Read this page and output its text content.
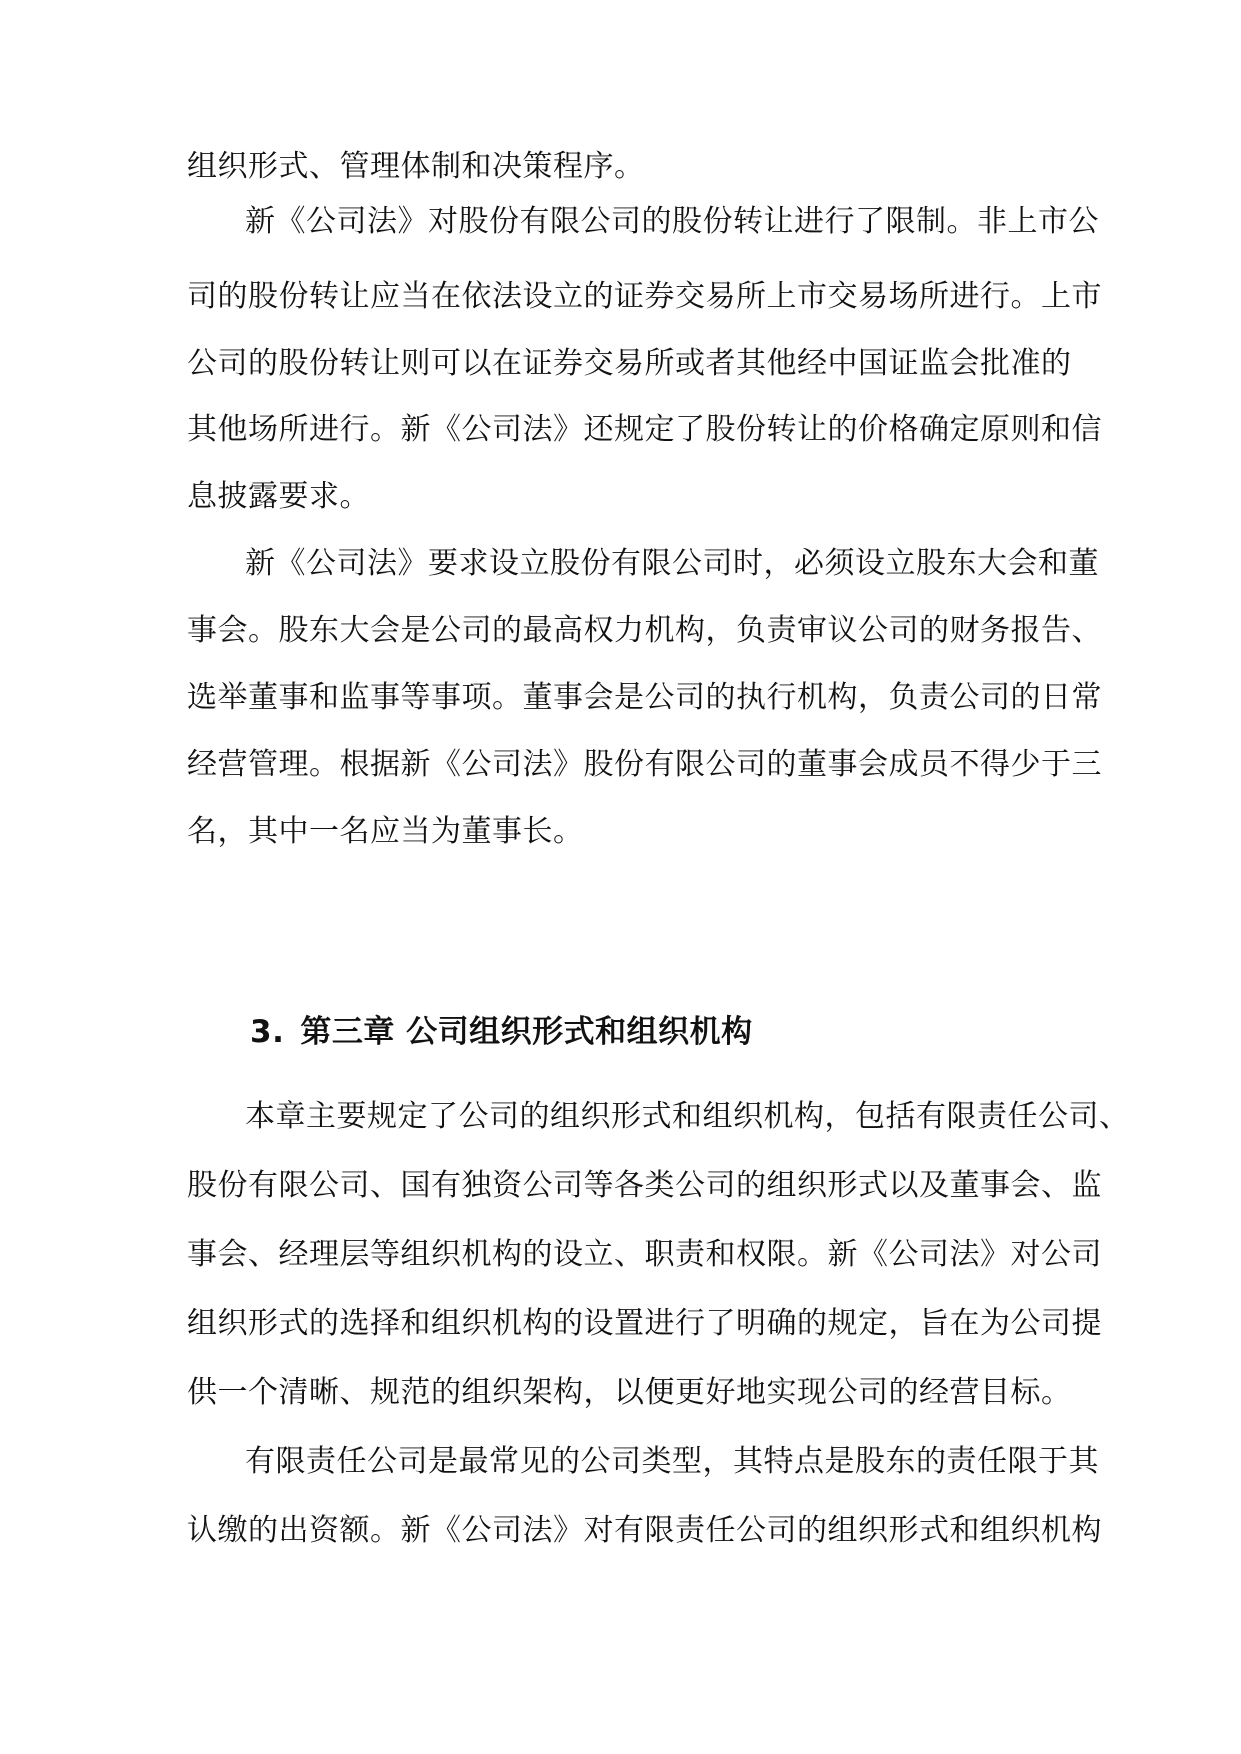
组织形式、管理体制和决策程序。
新《公司法》对股份有限公司的股份转让进行了限制。非上市公
司的股份转让应当在依法设立的证券交易所上市交易场所进行。上市
公司的股份转让则可以在证券交易所或者其他经中国证监会批准的
其他场所进行。新《公司法》还规定了股份转让的价格确定原则和信
息披露要求。
新《公司法》要求设立股份有限公司时，必须设立股东大会和董
事会。股东大会是公司的最高权力机构，负责审议公司的财务报告、
选举董事和监事等事项。董事会是公司的执行机构，负责公司的日常
经营管理。根据新《公司法》股份有限公司的董事会成员不得少于三
名，其中一名应当为董事长。
3. 第三章 公司组织形式和组织机构
本章主要规定了公司的组织形式和组织机构，包括有限责任公司、
股份有限公司、国有独资公司等各类公司的组织形式以及董事会、监
事会、经理层等组织机构的设立、职责和权限。新《公司法》对公司
组织形式的选择和组织机构的设置进行了明确的规定，旨在为公司提
供一个清晰、规范的组织架构，以便更好地实现公司的经营目标。
有限责任公司是最常见的公司类型，其特点是股东的责任限于其
认缴的出资额。新《公司法》对有限责任公司的组织形式和组织机构
